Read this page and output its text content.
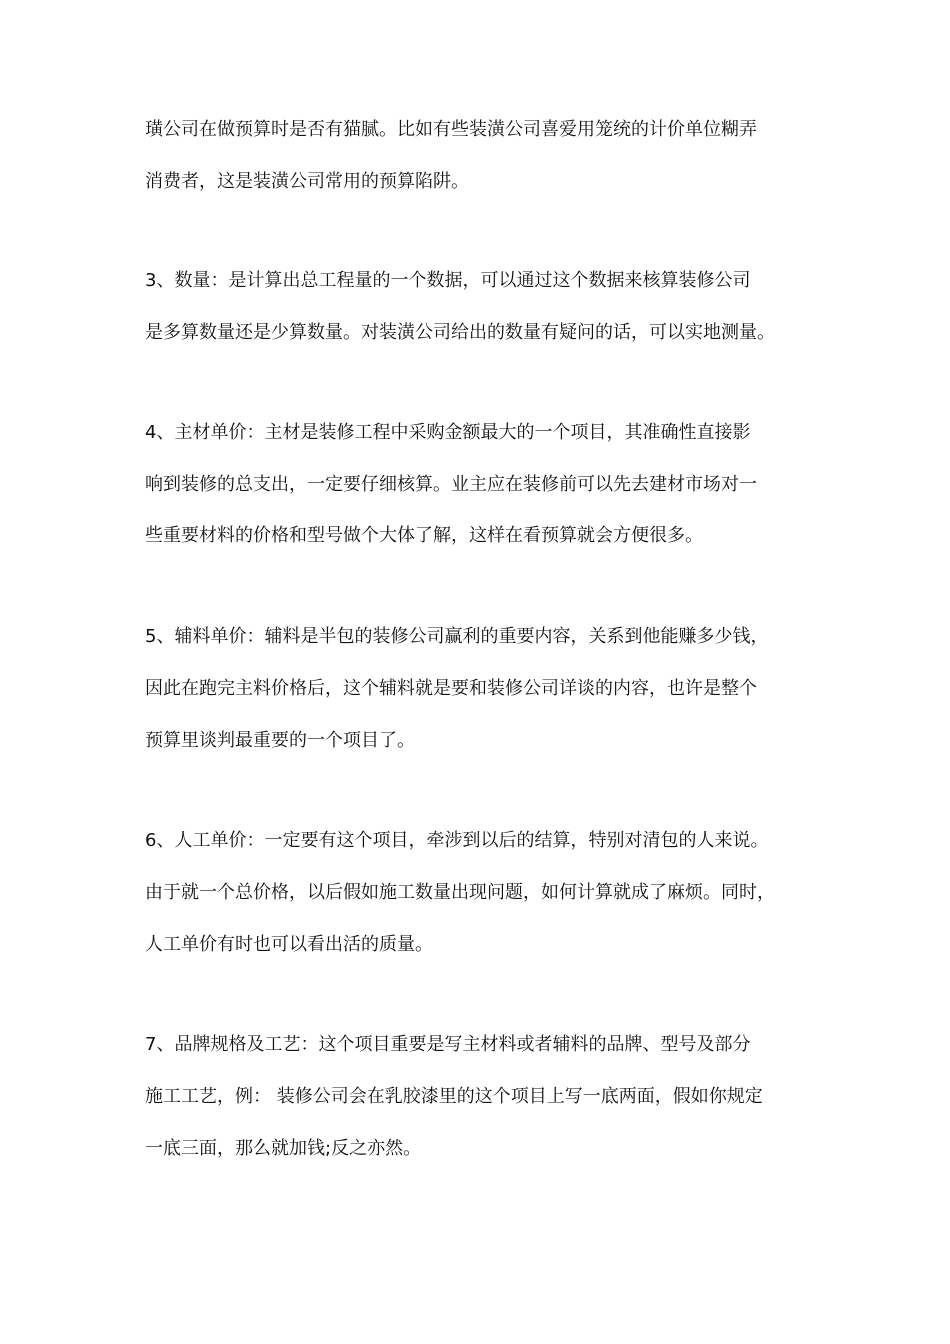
璜公司在做预算时是否有猫腻。比如有些装潢公司喜爱用笼统的计价单位糊弄
消费者，这是装潢公司常用的预算陷阱。
3、数量：是计算出总工程量的一个数据，可以通过这个数据来核算装修公司
是多算数量还是少算数量。对装潢公司给出的数量有疑问的话，可以实地测量。
4、主材单价：主材是装修工程中采购金额最大的一个项目，其准确性直接影
响到装修的总支出，一定要仔细核算。业主应在装修前可以先去建材市场对一
些重要材料的价格和型号做个大体了解，这样在看预算就会方便很多。
5、辅料单价：辅料是半包的装修公司赢利的重要内容，关系到他能赚多少钱，
因此在跑完主料价格后，这个辅料就是要和装修公司详谈的内容，也许是整个
预算里谈判最重要的一个项目了。
6、人工单价：一定要有这个项目，牵涉到以后的结算，特别对清包的人来说。
由于就一个总价格，以后假如施工数量出现问题，如何计算就成了麻烦。同时，
人工单价有时也可以看出活的质量。
7、品牌规格及工艺：这个项目重要是写主材料或者辅料的品牌、型号及部分
施工工艺，例： 装修公司会在乳胶漆里的这个项目上写一底两面，假如你规定
一底三面，那么就加钱;反之亦然。
